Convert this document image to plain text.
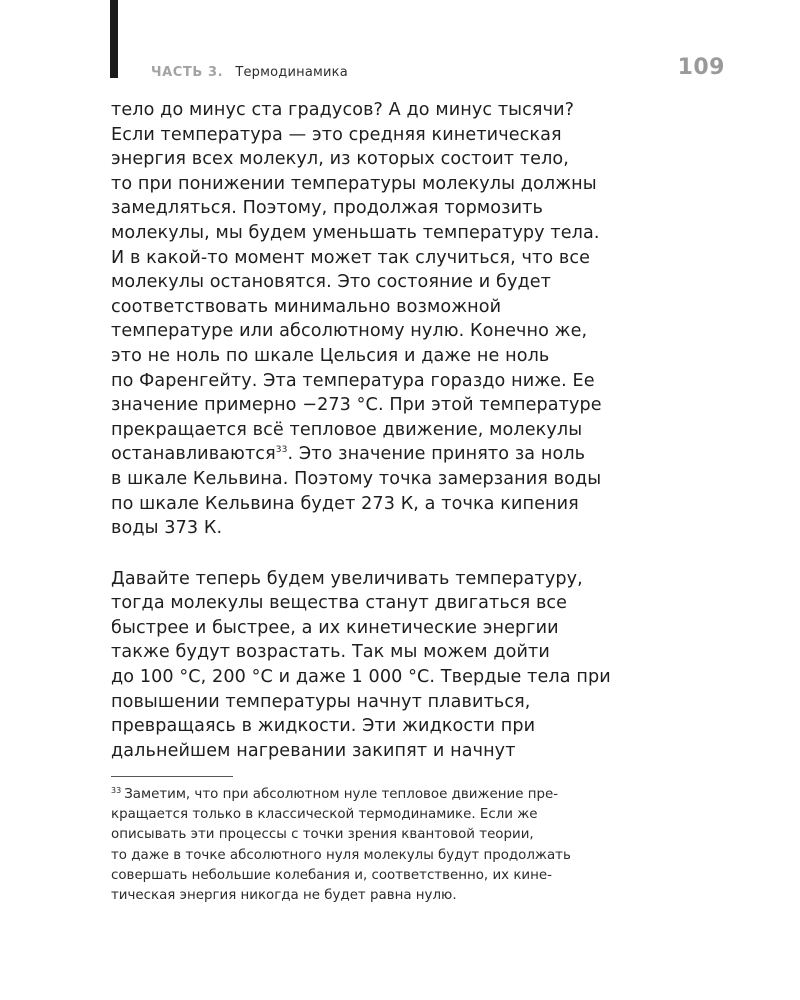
ЧАСТЬ 3. Термодинамика	109

тело до минус ста градусов? А до минус тысячи?
Если температура — это средняя кинетическая
энергия всех молекул, из которых состоит тело,
то при понижении температуры молекулы должны
замедляться. Поэтому, продолжая тормозить
молекулы, мы будем уменьшать температуру тела.
И в какой-то момент может так случиться, что все
молекулы остановятся. Это состояние и будет
соответствовать минимально возможной
температуре или абсолютному нулю. Конечно же,
это не ноль по шкале Цельсия и даже не ноль
по Фаренгейту. Эта температура гораздо ниже. Ее
значение примерно −273 °С. При этой температуре
прекращается всё тепловое движение, молекулы
останавливаются$^{33}$. Это значение принято за ноль
в шкале Кельвина. Поэтому точка замерзания воды
по шкале Кельвина будет 273 К, а точка кипения
воды 373 К.

Давайте теперь будем увеличивать температуру,
тогда молекулы вещества станут двигаться все
быстрее и быстрее, а их кинетические энергии
также будут возрастать. Так мы можем дойти
до 100 °С, 200 °С и даже 1 000 °С. Твердые тела при
повышении температуры начнут плавиться,
превращаясь в жидкости. Эти жидкости при
дальнейшем нагревании закипят и начнут

$^{33}$ Заметим, что при абсолютном нуле тепловое движение пре-
кращается только в классической термодинамике. Если же
описывать эти процессы с точки зрения квантовой теории,
то даже в точке абсолютного нуля молекулы будут продолжать
совершать небольшие колебания и, соответственно, их кине-
тическая энергия никогда не будет равна нулю.
